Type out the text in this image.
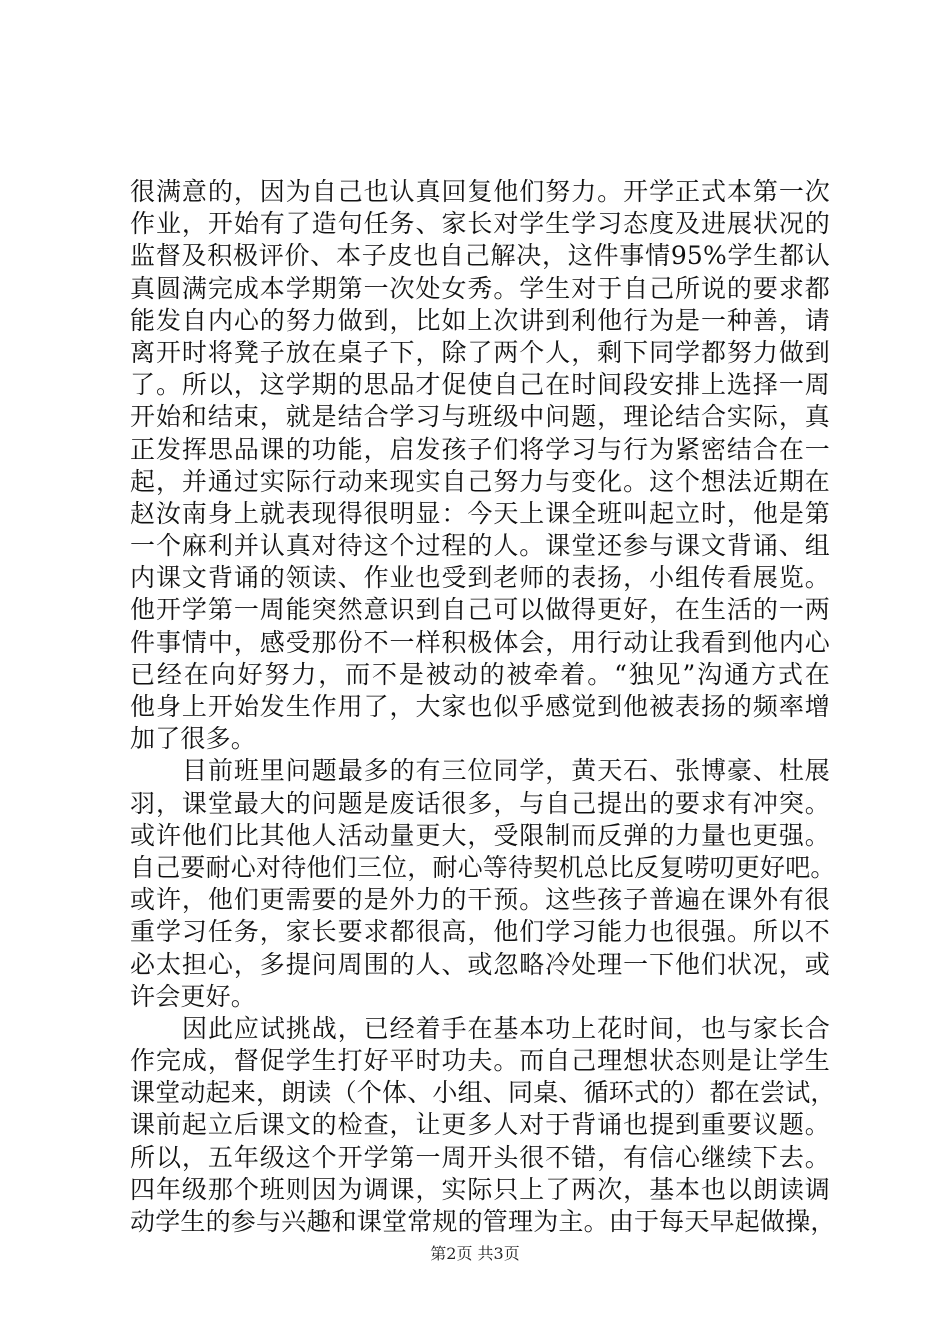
很满意的，因为自己也认真回复他们努力。开学正式本第一次
作业，开始有了造句任务、家长对学生学习态度及进展状况的
监督及积极评价、本子皮也自己解决，这件事情95%学生都认
真圆满完成本学期第一次处女秀。学生对于自己所说的要求都
能发自内心的努力做到，比如上次讲到利他行为是一种善，请
离开时将凳子放在桌子下，除了两个人，剩下同学都努力做到
了。所以，这学期的思品才促使自己在时间段安排上选择一周
开始和结束，就是结合学习与班级中问题，理论结合实际，真
正发挥思品课的功能，启发孩子们将学习与行为紧密结合在一
起，并通过实际行动来现实自己努力与变化。这个想法近期在
赵汝南身上就表现得很明显：今天上课全班叫起立时，他是第
一个麻利并认真对待这个过程的人。课堂还参与课文背诵、组
内课文背诵的领读、作业也受到老师的表扬，小组传看展览。
他开学第一周能突然意识到自己可以做得更好，在生活的一两
件事情中，感受那份不一样积极体会，用行动让我看到他内心
已经在向好努力，而不是被动的被牵着。“独见”沟通方式在
他身上开始发生作用了，大家也似乎感觉到他被表扬的频率增
加了很多。
目前班里问题最多的有三位同学，黄天石、张博豪、杜展
羽，课堂最大的问题是废话很多，与自己提出的要求有冲突。
或许他们比其他人活动量更大，受限制而反弹的力量也更强。
自己要耐心对待他们三位，耐心等待契机总比反复唠叨更好吧。
或许，他们更需要的是外力的干预。这些孩子普遍在课外有很
重学习任务，家长要求都很高，他们学习能力也很强。所以不
必太担心，多提问周围的人、或忽略冷处理一下他们状况，或
许会更好。
因此应试挑战，已经着手在基本功上花时间，也与家长合
作完成，督促学生打好平时功夫。而自己理想状态则是让学生
课堂动起来，朗读（个体、小组、同桌、循环式的）都在尝试，
课前起立后课文的检查，让更多人对于背诵也提到重要议题。
所以，五年级这个开学第一周开头很不错，有信心继续下去。
四年级那个班则因为调课，实际只上了两次，基本也以朗读调
动学生的参与兴趣和课堂常规的管理为主。由于每天早起做操，
第2页 共3页
